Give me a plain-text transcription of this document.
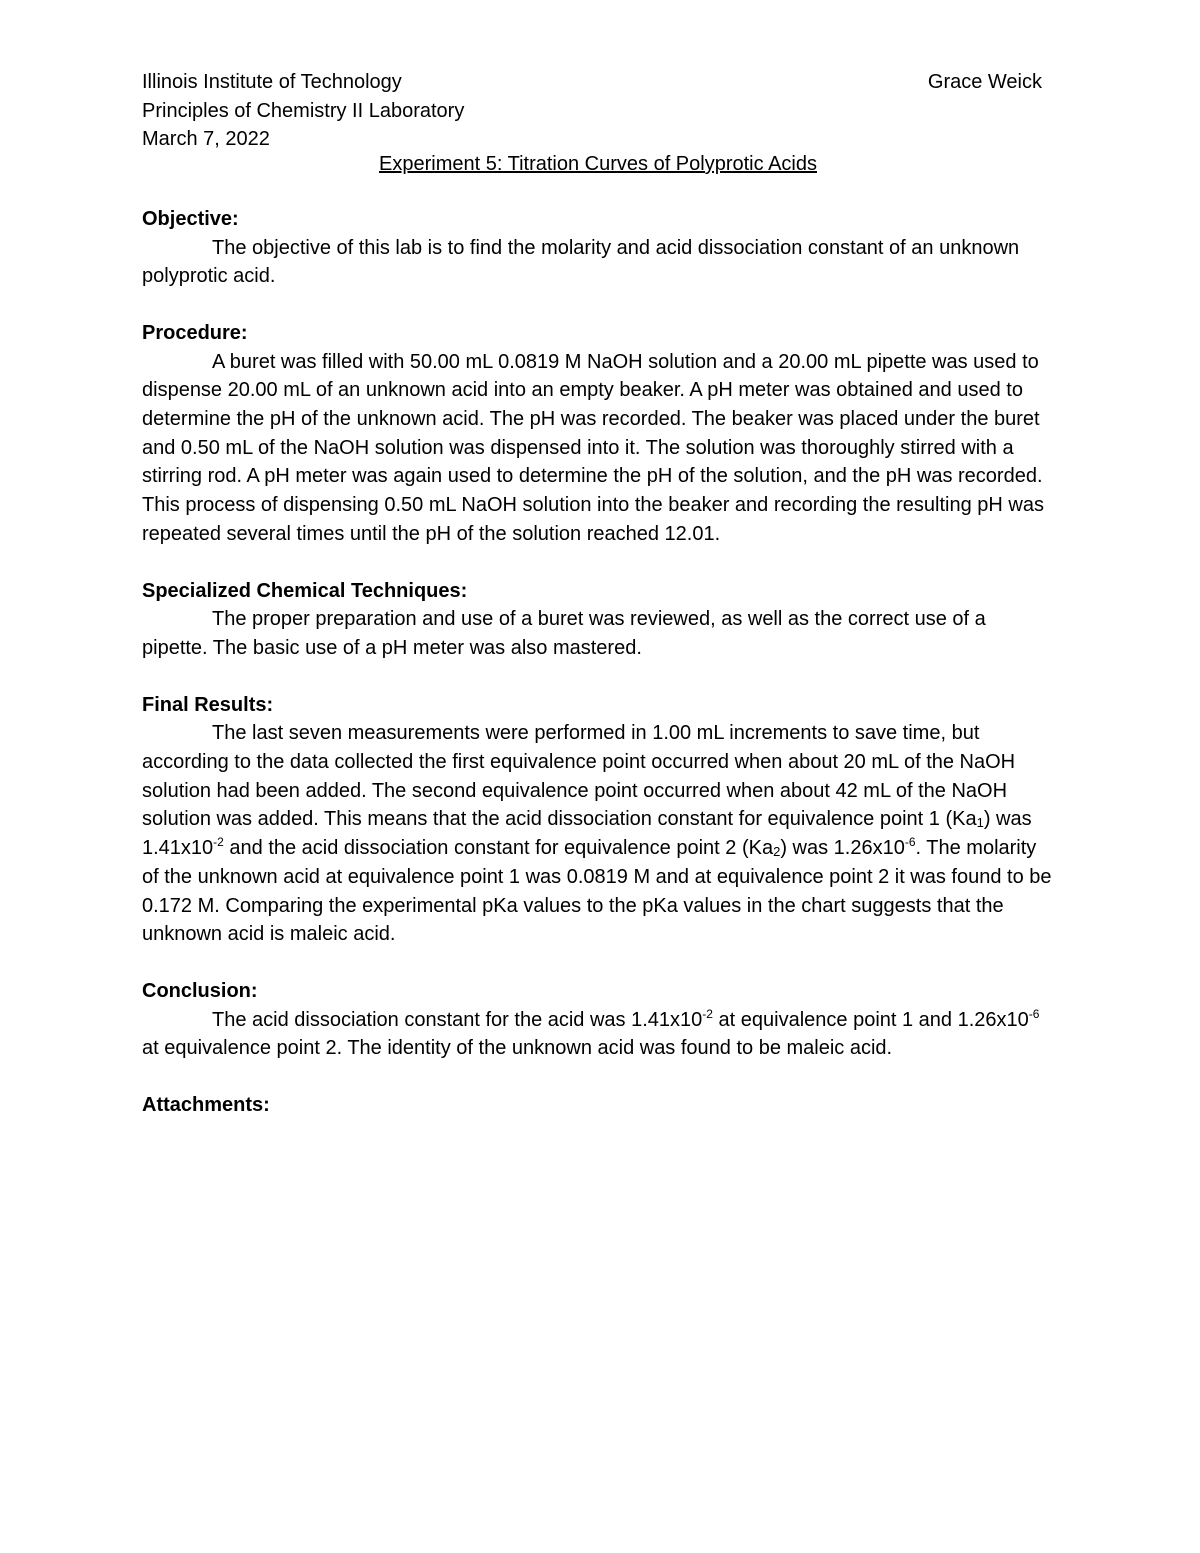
Illinois Institute of Technology	Grace Weick
Principles of Chemistry II Laboratory
March 7, 2022
Experiment 5: Titration Curves of Polyprotic Acids
Objective:
The objective of this lab is to find the molarity and acid dissociation constant of an unknown polyprotic acid.
Procedure:
A buret was filled with 50.00 mL 0.0819 M NaOH solution and a 20.00 mL pipette was used to dispense 20.00 mL of an unknown acid into an empty beaker. A pH meter was obtained and used to determine the pH of the unknown acid. The pH was recorded. The beaker was placed under the buret and 0.50 mL of the NaOH solution was dispensed into it. The solution was thoroughly stirred with a stirring rod. A pH meter was again used to determine the pH of the solution, and the pH was recorded. This process of dispensing 0.50 mL NaOH solution into the beaker and recording the resulting pH was repeated several times until the pH of the solution reached 12.01.
Specialized Chemical Techniques:
The proper preparation and use of a buret was reviewed, as well as the correct use of a pipette. The basic use of a pH meter was also mastered.
Final Results:
The last seven measurements were performed in 1.00 mL increments to save time, but according to the data collected the first equivalence point occurred when about 20 mL of the NaOH solution had been added. The second equivalence point occurred when about 42 mL of the NaOH solution was added. This means that the acid dissociation constant for equivalence point 1 $(Ka_1)$ was $1.41x10^{-2}$ and the acid dissociation constant for equivalence point 2 $(Ka_2)$ was $1.26x10^{-6}$. The molarity of the unknown acid at equivalence point 1 was 0.0819 M and at equivalence point 2 it was found to be 0.172 M. Comparing the experimental pKa values to the pKa values in the chart suggests that the unknown acid is maleic acid.
Conclusion:
The acid dissociation constant for the acid was $1.41x10^{-2}$ at equivalence point 1 and $1.26x10^{-6}$ at equivalence point 2. The identity of the unknown acid was found to be maleic acid.
Attachments:
